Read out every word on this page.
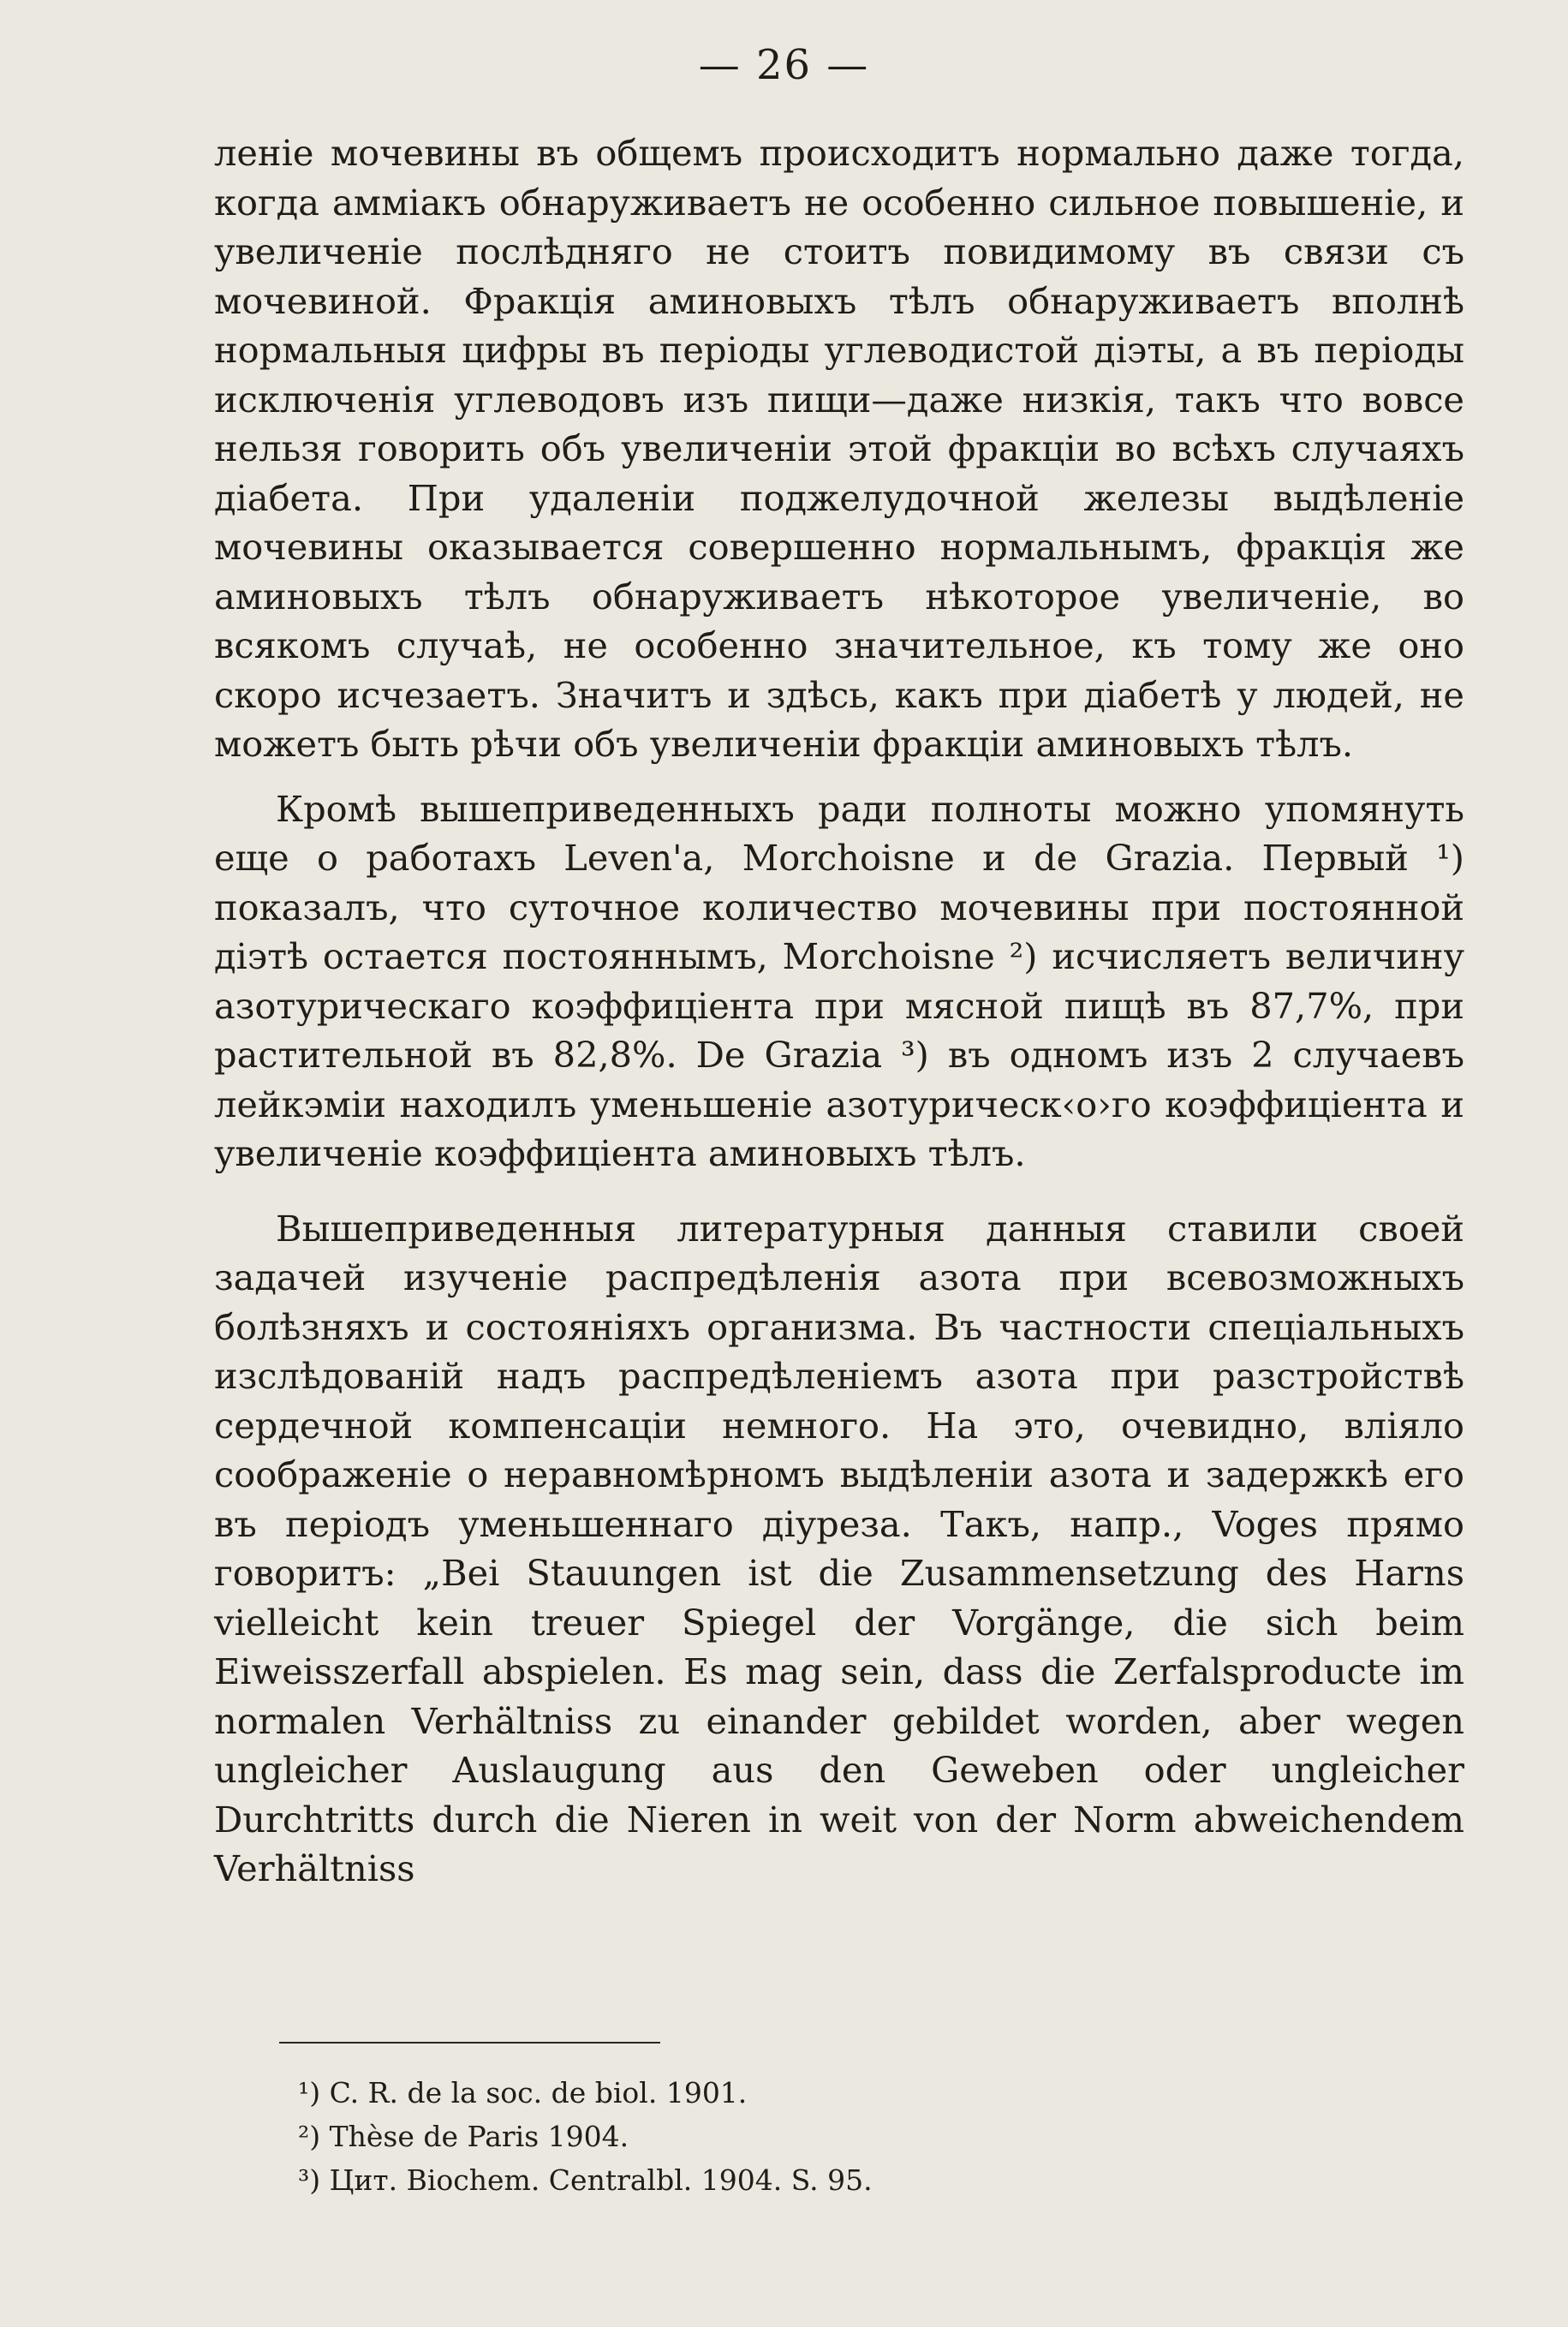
— 26 —

леніе мочевины въ общемъ происходитъ нормально даже тогда, когда аммiакъ обнаруживаетъ не особенно сильное повышенiе, и увеличенiе послѣдняго не стоитъ повидимому въ связи съ мочевиной. Фракцiя аминовыхъ тѣлъ обнаруживаетъ вполнѣ нормальныя цифры въ перiоды углеводистой дiэты, а въ перiоды исключенiя углеводовъ изъ пищи—даже низкiя, такъ что вовсе нельзя говорить объ увеличенiи этой фракцiи во всѣхъ случаяхъ дiабета. При удаленiи поджелудочной железы выдѣленiе мочевины оказывается совершенно нормальнымъ, фракцiя же аминовыхъ тѣлъ обнаруживаетъ нѣкоторое увеличенiе, во всякомъ случаѣ, не особенно значительное, къ тому же оно скоро исчезаетъ. Значитъ и здѣсь, какъ при дiабетѣ у людей, не можетъ быть рѣчи объ увеличенiи фракцiи аминовыхъ тѣлъ.

Кромѣ вышеприведенныхъ ради полноты можно упомянуть еще о работахъ Leven'a, Morchoisne и de Grazia. Первый ¹) показалъ, что суточное количество мочевины при постоянной дiэтѣ остается постояннымъ, Morchoisne ²) исчисляетъ величину азотурическаго коэффицiента при мясной пищѣ въ 87,7%, при растительной въ 82,8%. De Grazia ³) въ одномъ изъ 2 случаевъ лейкэмiи находилъ уменьшенiе азотурическ‹о›го коэффицiента и увеличенiе коэффицiента аминовыхъ тѣлъ.

Вышеприведенныя литературныя данныя ставили своей задачей изученiе распредѣленiя азота при всевозможныхъ болѣзняхъ и состоянiяхъ организма. Въ частности спецiальныхъ изслѣдованiй надъ распредѣленiемъ азота при разстройствѣ сердечной компенсацiи немного. На это, очевидно, влiяло соображенiе о неравномѣрномъ выдѣленiи азота и задержкѣ его въ перiодъ уменьшеннаго дiуреза. Такъ, напр., Voges прямо говоритъ: „Bei Stauungen ist die Zusammensetzung des Harns vielleicht kein treuer Spiegel der Vorgänge, die sich beim Eiweisszerfall abspielen. Es mag sein, dass die Zerfalsproducte im normalen Verhältniss zu einander gebildet worden, aber wegen ungleicher Auslaugung aus den Geweben oder ungleicher Durchtritts durch die Nieren in weit von der Norm abweichendem Verhältniss

¹) C. R. de la soc. de biol. 1901.
²) Thèse de Paris 1904.
³) Цит. Biochem. Centralbl. 1904. S. 95.
